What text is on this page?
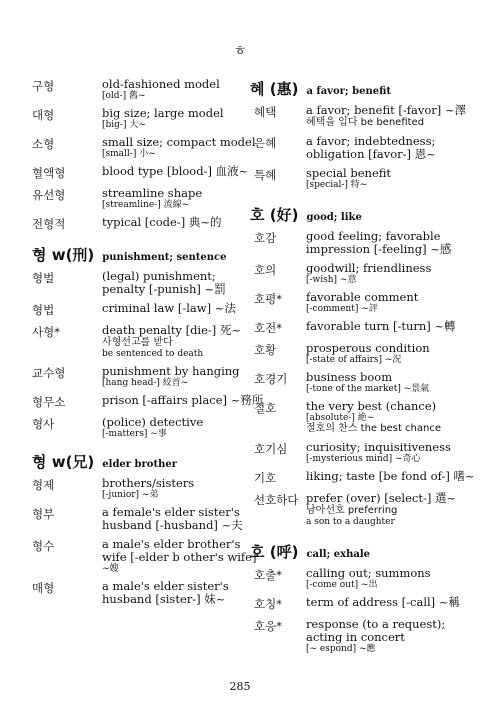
ㅎ
구형	old-fashioned model
[old-] 舊~
대형	big size; large model
[big-] 大~
소형	small size; compact model
[small-] 小~
혈액형	blood type [blood-] 血液~
유선형	streamline shape
[streamline-] 流線~
전형적	typical [code-] 典~的
형 w(刑) punishment; sentence
형벌	(legal) punishment;
penalty [-punish] ~罰
형법	criminal law [-law] ~法
사형*	death penalty [die-] 死~
사형선고를 받다
be sentenced to death
교수형	punishment by hanging
[hang head-] 絞首~
형무소	prison [-affairs place] ~務所
형사	(police) detective
[-matters] ~事
형 w(兄) elder brother
형제	brothers/sisters
[-junior] ~弟
형부	a female's elder sister's
husband [-husband] ~夫
형수	a male's elder brother's
wife [-elder b other's wife]
~嫂
매형	a male's elder sister's
husband [sister-] 妹~
혜 (惠) a favor; benefit
혜택	a favor; benefit [-favor] ~澤
혜택을 입다 be benefited
은혜	a favor; indebtedness;
obligation [favor-] 恩~
특혜	special benefit
[special-] 特~
호 (好) good; like
호감	good feeling; favorable
impression [-feeling] ~感
호의	goodwill; friendliness
[-wish] ~意
호평*	favorable comment
[-comment] ~評
호전*	favorable turn [-turn] ~轉
호황	prosperous condition
[-state of affairs] ~況
호경기	business boom
[-tone of the market] ~景氣
절호	the very best (chance)
[absolute-] 絶~
절호의 찬스 the best chance
호기심	curiosity; inquisitiveness
[-mysterious mind] ~奇心
기호	liking; taste [be fond of-] 嗜~
선호하다 prefer (over) [select-] 選~
남아선호 preferring
a son to a daughter
호 (呼) call; exhale
호출*	calling out; summons
[-come out] ~出
호칭*	term of address [-call] ~稱
호응*	response (to a request);
acting in concert
[~ espond] ~應
285
